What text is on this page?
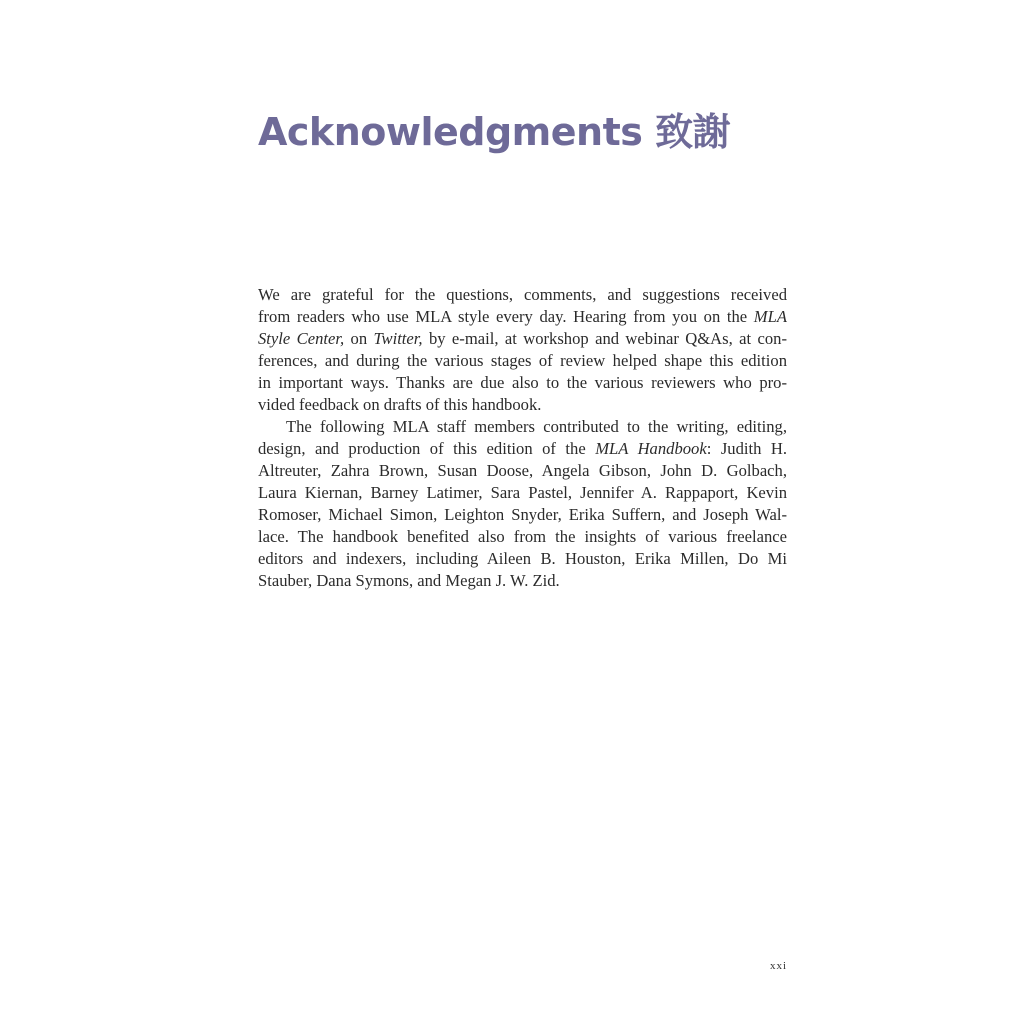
Acknowledgments 致謝
We are grateful for the questions, comments, and suggestions received
from readers who use MLA style every day. Hearing from you on the MLA
Style Center, on Twitter, by e-mail, at workshop and webinar Q&As, at con-
ferences, and during the various stages of review helped shape this edition
in important ways. Thanks are due also to the various reviewers who pro-
vided feedback on drafts of this handbook.
The following MLA staff members contributed to the writing, editing,
design, and production of this edition of the MLA Handbook: Judith H.
Altreuter, Zahra Brown, Susan Doose, Angela Gibson, John D. Golbach,
Laura Kiernan, Barney Latimer, Sara Pastel, Jennifer A. Rappaport, Kevin
Romoser, Michael Simon, Leighton Snyder, Erika Suffern, and Joseph Wal-
lace. The handbook benefited also from the insights of various freelance
editors and indexers, including Aileen B. Houston, Erika Millen, Do Mi
Stauber, Dana Symons, and Megan J. W. Zid.
xxi
